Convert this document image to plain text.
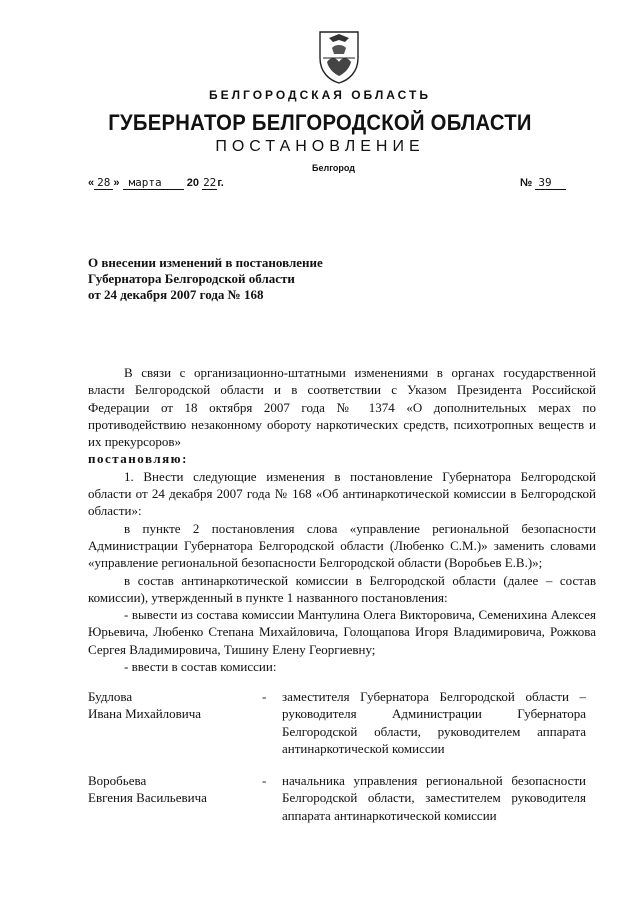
БЕЛГОРОДСКАЯ ОБЛАСТЬ
ГУБЕРНАТОР БЕЛГОРОДСКОЙ ОБЛАСТИ
ПОСТАНОВЛЕНИЕ
Белгород
« 28 » марта 20 22г.	№ 39
О внесении изменений в постановление
Губернатора Белгородской области
от 24 декабря 2007 года № 168

В связи с организационно-штатными изменениями в органах государственной власти Белгородской области и в соответствии с Указом Президента Российской Федерации от 18 октября 2007 года № 1374 «О дополнительных мерах по противодействию незаконному обороту наркотических средств, психотропных веществ и их прекурсоров»

постановляю:

1. Внести следующие изменения в постановление Губернатора Белгородской области от 24 декабря 2007 года № 168 «Об антинаркотической комиссии в Белгородской области»:

в пункте 2 постановления слова «управление региональной безопасности Администрации Губернатора Белгородской области (Любенко С.М.)» заменить словами «управление региональной безопасности Белгородской области (Воробьев Е.В.)»;

в состав антинаркотической комиссии в Белгородской области (далее – состав комиссии), утвержденный в пункте 1 названного постановления:

- вывести из состава комиссии Мантулина Олега Викторовича, Семенихина Алексея Юрьевича, Любенко Степана Михайловича, Голощапова Игоря Владимировича, Рожкова Сергея Владимировича, Тишину Елену Георгиевну;

- ввести в состав комиссии:

Будлова
Ивана Михайловича
-	заместителя Губернатора Белгородской области – руководителя Администрации Губернатора Белгородской области, руководителем аппарата антинаркотической комиссии
Воробьева
Евгения Васильевича
-	начальника управления региональной безопасности Белгородской области, заместителем руководителя аппарата антинаркотической комиссии
